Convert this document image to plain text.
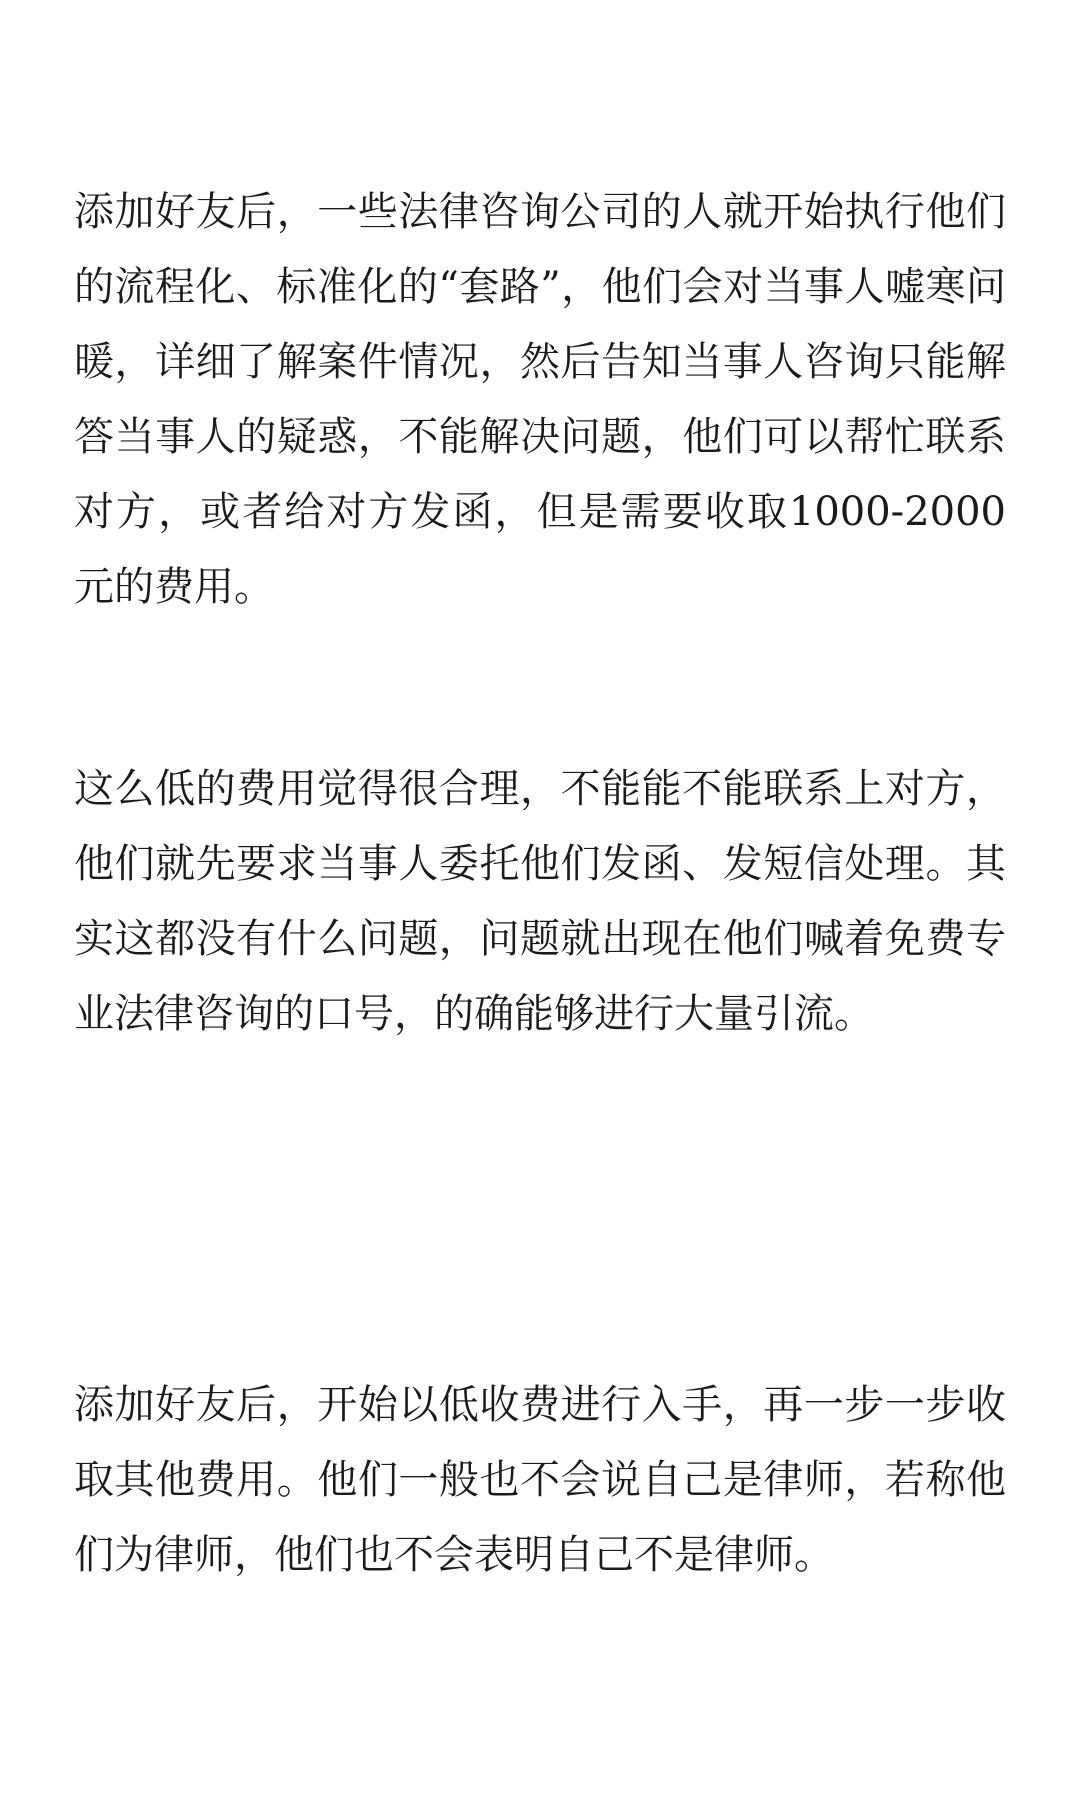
添加好友后，一些法律咨询公司的人就开始执行他们的流程化、标准化的“套路”，他们会对当事人嘘寒问暖，详细了解案件情况，然后告知当事人咨询只能解答当事人的疑惑，不能解决问题，他们可以帮忙联系对方，或者给对方发函，但是需要收取1000-2000元的费用。

这么低的费用觉得很合理，不能能不能联系上对方，他们就先要求当事人委托他们发函、发短信处理。其实这都没有什么问题，问题就出现在他们喊着免费专业法律咨询的口号，的确能够进行大量引流。

添加好友后，开始以低收费进行入手，再一步一步收取其他费用。他们一般也不会说自己是律师，若称他们为律师，他们也不会表明自己不是律师。
